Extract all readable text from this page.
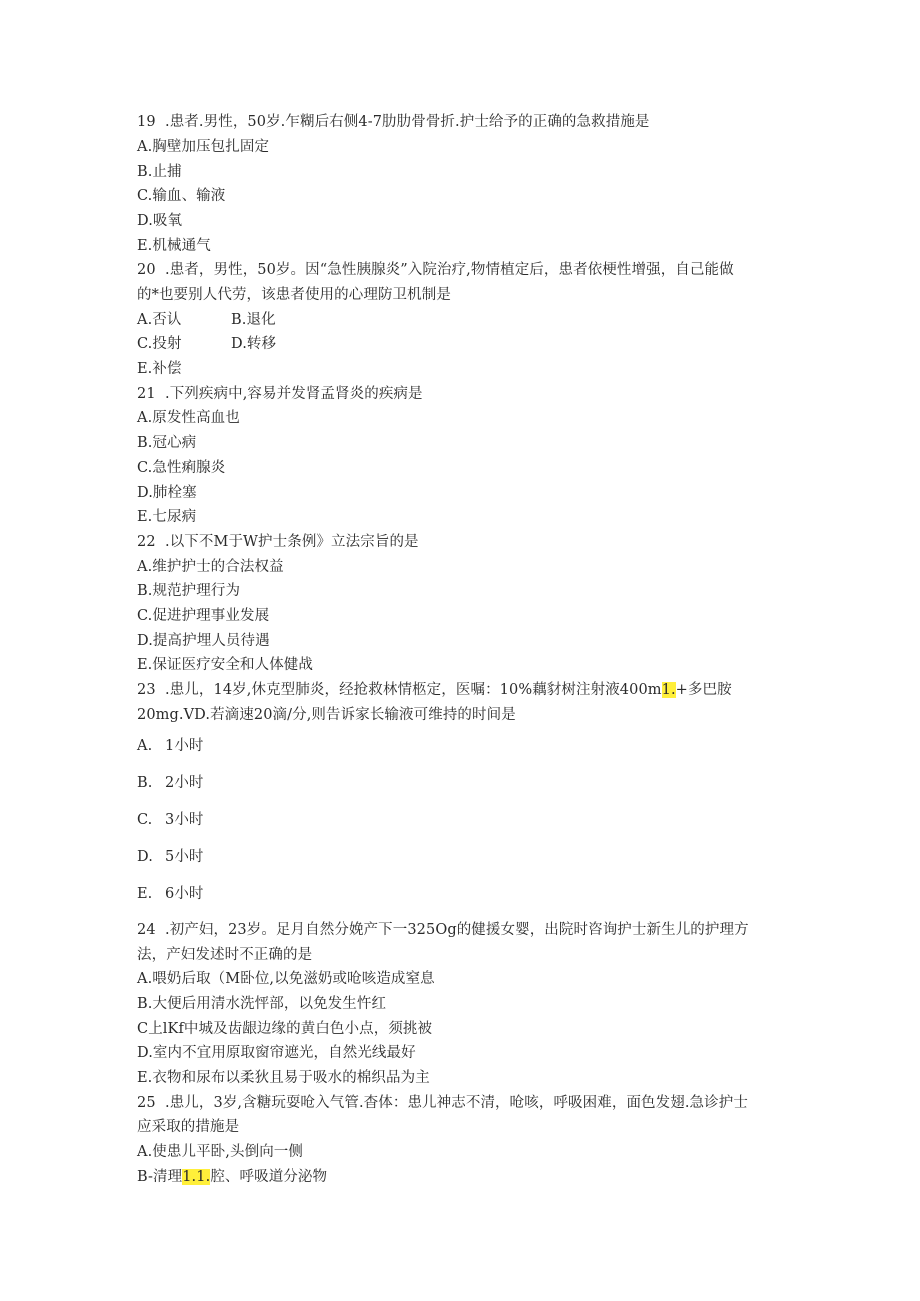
19 .患者.男性，50岁.乍糊后右侧4-7肋肋骨骨折.护士给予的正确的急救措施是
A.胸壁加压包扎固定
B.止捕
C.输血、输液
D.吸氧
E.机械通气
20 .患者，男性，50岁。因“急性胰腺炎”入院治疗,物情植定后，患者依梗性增强，自己能做
的*也要别人代劳，该患者使用的心理防卫机制是
A.否认	B.退化
C.投射	D.转移
E.补偿
21 .下列疾病中,容易并发肾孟肾炎的疾病是
A.原发性高血也
B.冠心病
C.急性痢腺炎
D.肺栓塞
E.七尿病
22 .以下不M于W护士条例》立法宗旨的是
A.维护护士的合法权益
B.规范护理行为
C.促进护理事业发展
D.提高护埋人员待遇
E.保证医疗安全和人体健战
23 .患儿，14岁,休克型肺炎，经抢救林情柩定，医嘱：10%藕豺树注射液400m1.+多巴胺
20mg.VD.若滴速20滴/分,则告诉家长输液可维持的时间是
A. 1小时
B. 2小时
C. 3小时
D. 5小时
E. 6小时
24 .初产妇，23岁。足月自然分娩产下一325Og的健援女婴，出院时咨询护士新生儿的护理方
法，产妇发述时不正确的是
A.喂奶后取（M卧位,以免滋奶或呛咳造成窒息
B.大便后用清水洗怦部，以免发生忤红
C上lKf中城及齿龈边缘的黄白色小点，须挑被
D.室内不宜用原取窗帘遮光，自然光线最好
E.衣物和尿布以柔狄且易于吸水的棉织品为主
25 .患儿，3岁,含糖玩耍呛入气管.杳体：患儿神志不清，呛咳，呼吸困难，面色发翅.急诊护士
应采取的措施是
A.使患儿平卧,头倒向一侧
B-清理1.1.腔、呼吸道分泌物
